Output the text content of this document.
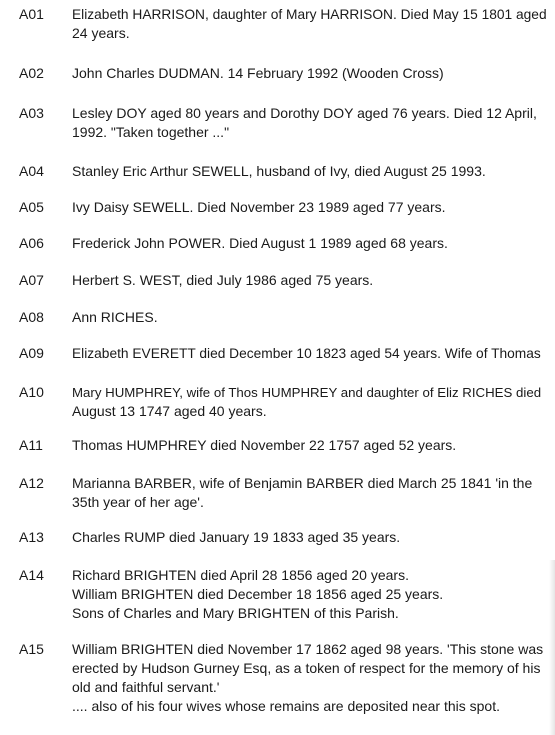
A01 Elizabeth HARRISON, daughter of Mary HARRISON. Died May 15 1801 aged
24 years.
A02 John Charles DUDMAN. 14 February 1992 (Wooden Cross)
A03 Lesley DOY aged 80 years and Dorothy DOY aged 76 years. Died 12 April,
1992. "Taken together ..."
A04 Stanley Eric Arthur SEWELL, husband of Ivy, died August 25 1993.
A05 Ivy Daisy SEWELL. Died November 23 1989 aged 77 years.
A06 Frederick John POWER. Died August 1 1989 aged 68 years.
A07 Herbert S. WEST, died July 1986 aged 75 years.
A08 Ann RICHES.
A09 Elizabeth EVERETT died December 10 1823 aged 54 years. Wife of Thomas
A10 Mary HUMPHREY, wife of Thos HUMPHREY and daughter of Eliz RICHES died
August 13 1747 aged 40 years.
A11 Thomas HUMPHREY died November 22 1757 aged 52 years.
A12 Marianna BARBER, wife of Benjamin BARBER died March 25 1841 'in the
35th year of her age'.
A13 Charles RUMP died January 19 1833 aged 35 years.
A14 Richard BRIGHTEN died April 28 1856 aged 20 years.
William BRIGHTEN died December 18 1856 aged 25 years.
Sons of Charles and Mary BRIGHTEN of this Parish.
A15 William BRIGHTEN died November 17 1862 aged 98 years. 'This stone was
erected by Hudson Gurney Esq, as a token of respect for the memory of his
old and faithful servant.'
.... also of his four wives whose remains are deposited near this spot.
